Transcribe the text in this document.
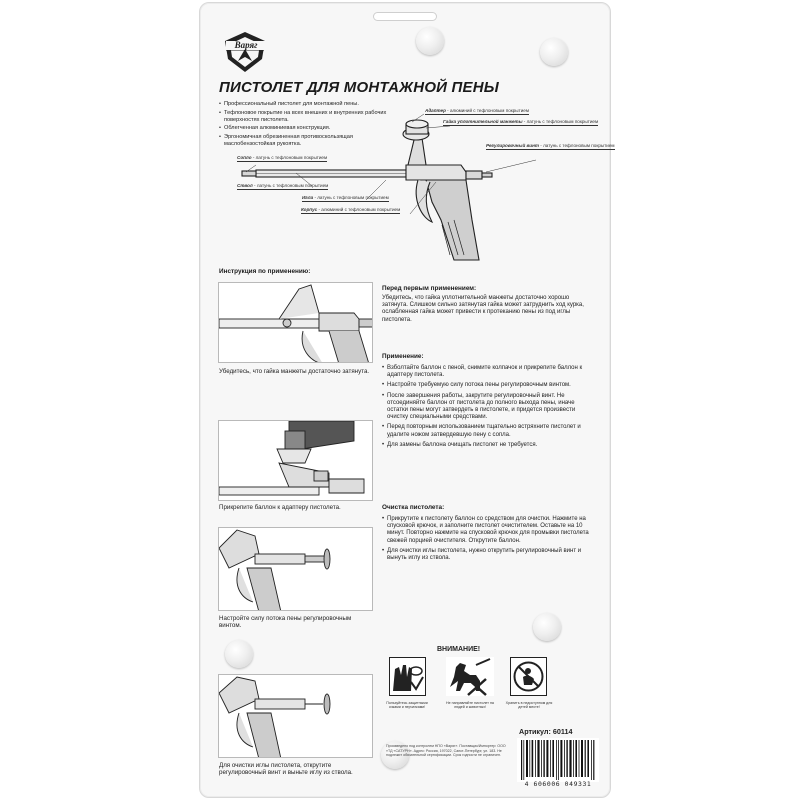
Варяг
ПИСТОЛЕТ ДЛЯ МОНТАЖНОЙ ПЕНЫ
• Профессиональный пистолет для монтажной пены.
• Тефлоновое покрытие на всех внешних и внутренних рабочих поверхностях пистолета.
• Облегченная алюминиевая конструкция.
• Эргономичная обрезиненная противоскользящая маслобензостойкая рукоятка.
Адаптер - алюминий с тефлоновым покрытием
Гайка уплотнительной манжеты - латунь с тефлоновым покрытием
Регулировочный винт - латунь с тефлоновым покрытием
Сопло - латунь с тефлоновым покрытием
Ствол - латунь с тефлоновым покрытием
Игла - латунь с тефлоновым покрытием
Корпус - алюминий с тефлоновым покрытием
Инструкция по применению:
Убедитесь, что гайка манжеты достаточно затянута.
Прикрепите баллон к адаптеру пистолета.
Настройте силу потока пены регулировочным винтом.
Для очистки иглы пистолета, открутите регулировочный винт и выньте иглу из ствола.
Перед первым применением:
Убедитесь, что гайка уплотнительной манжеты достаточно хорошо затянута. Слишком сильно затянутая гайка может затруднить ход курка, ослабленная гайка может привести к протеканию пены из под иглы пистолета.
Применение:
• Взболтайте баллон с пеной, снимите колпачок и прикрепите баллон к адаптеру пистолета.
• Настройте требуемую силу потока пены регулировочным винтом.
• После завершения работы, закрутите регулировочный винт. Не отсоединяйте баллон от пистолета до полного выхода пены, иначе остатки пены могут затвердеть в пистолете, и придется произвести очистку специальными средствами.
• Перед повторным использованием тщательно встряхните пистолет и удалите ножом затвердевшую пену с сопла.
• Для замены баллона очищать пистолет не требуется.
Очистка пистолета:
• Прикрутите к пистолету баллон со средством для очистки. Нажмите на спусковой крючок, и заполните пистолет очистителем. Оставьте на 10 минут. Повторно нажмите на спусковой крючок для промывки пистолета свежей порцией очистителя. Открутите баллон.
• Для очистки иглы пистолета, нужно открутить регулировочный винт и вынуть иглу из ствола.
ВНИМАНИЕ!
Пользуйтесь защитными очками и перчатками!
Не направляйте пистолет на людей и животных!
Хранить в недоступном для детей месте!
Артикул: 60114
Произведено под контролем НПО «Варяг». Поставщик/Импортер: ООО «ТД «САТУРН». Адрес: Россия, 197022, Санкт-Петербург, ул. 183. Не подлежит обязательной сертификации. Срок годности не ограничен.
4 606006 049331
